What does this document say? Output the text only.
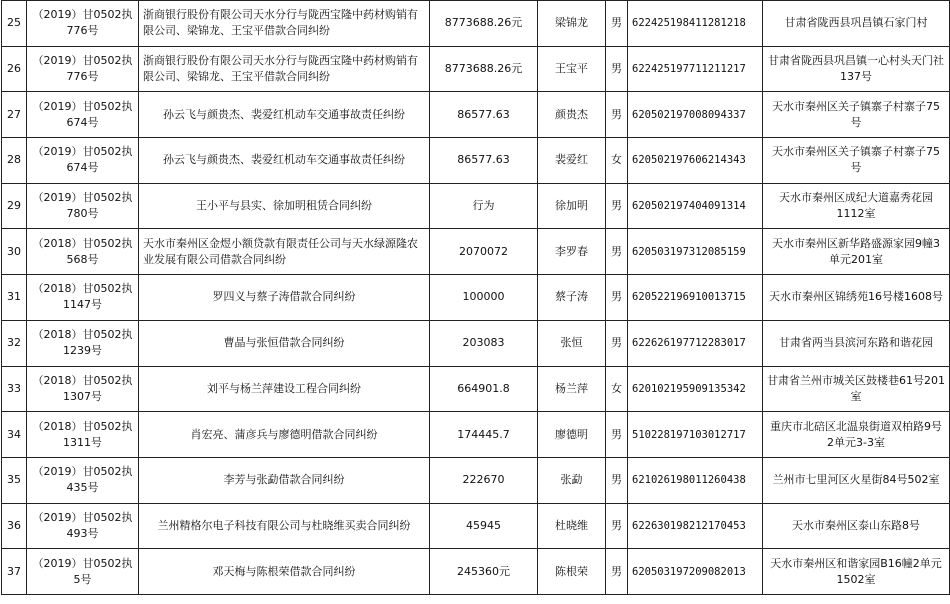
25	（2019）甘0502执776号	浙商银行股份有限公司天水分行与陇西宝隆中药材购销有限公司、梁锦龙、王宝平借款合同纠纷	8773688.26元	梁锦龙	男	622425198411281218	甘肃省陇西县巩昌镇石家门村
26	（2019）甘0502执776号	浙商银行股份有限公司天水分行与陇西宝隆中药材购销有限公司、梁锦龙、王宝平借款合同纠纷	8773688.26元	王宝平	男	622425197711211217	甘肃省陇西县巩昌镇一心村头天门社137号
27	（2019）甘0502执674号	孙云飞与颜贵杰、裴爱红机动车交通事故责任纠纷	86577.63	颜贵杰	男	620502197008094337	天水市秦州区关子镇寨子村寨子75号
28	（2019）甘0502执674号	孙云飞与颜贵杰、裴爱红机动车交通事故责任纠纷	86577.63	裴爱红	女	620502197606214343	天水市秦州区关子镇寨子村寨子75号
29	（2019）甘0502执780号	王小平与县实、徐加明租赁合同纠纷	行为	徐加明	男	620502197404091314	天水市秦州区成纪大道嘉秀花园1112室
30	（2018）甘0502执568号	天水市秦州区金煜小额贷款有限责任公司与天水绿源隆农业发展有限公司借款合同纠纷	2070072	李罗春	男	620503197312085159	天水市秦州区新华路盛源家园9幢3单元201室
31	（2018）甘0502执1147号	罗四义与蔡子涛借款合同纠纷	100000	蔡子涛	男	620522196910013715	天水市秦州区锦绣苑16号楼1608号
32	（2018）甘0502执1239号	曹晶与张恒借款合同纠纷	203083	张恒	男	622626197712283017	甘肃省两当县滨河东路和谐花园
33	（2018）甘0502执1307号	刘平与杨兰萍建设工程合同纠纷	664901.8	杨兰萍	女	620102195909135342	甘肃省兰州市城关区鼓楼巷61号201室
34	（2018）甘0502执1311号	肖宏亮、蒲彦兵与廖德明借款合同纠纷	174445.7	廖德明	男	510228197103012717	重庆市北碚区北温泉街道双柏路9号2单元3-3室
35	（2019）甘0502执435号	李芳与张勐借款合同纠纷	222670	张勐	男	621026198011260438	兰州市七里河区火星街84号502室
36	（2019）甘0502执493号	兰州精格尔电子科技有限公司与杜晓维买卖合同纠纷	45945	杜晓维	男	622630198212170453	天水市秦州区泰山东路8号
37	（2019）甘0502执5号	邓天梅与陈根荣借款合同纠纷	245360元	陈根荣	男	620503197209082013	天水市秦州区和谐家园B16幢2单元1502室
